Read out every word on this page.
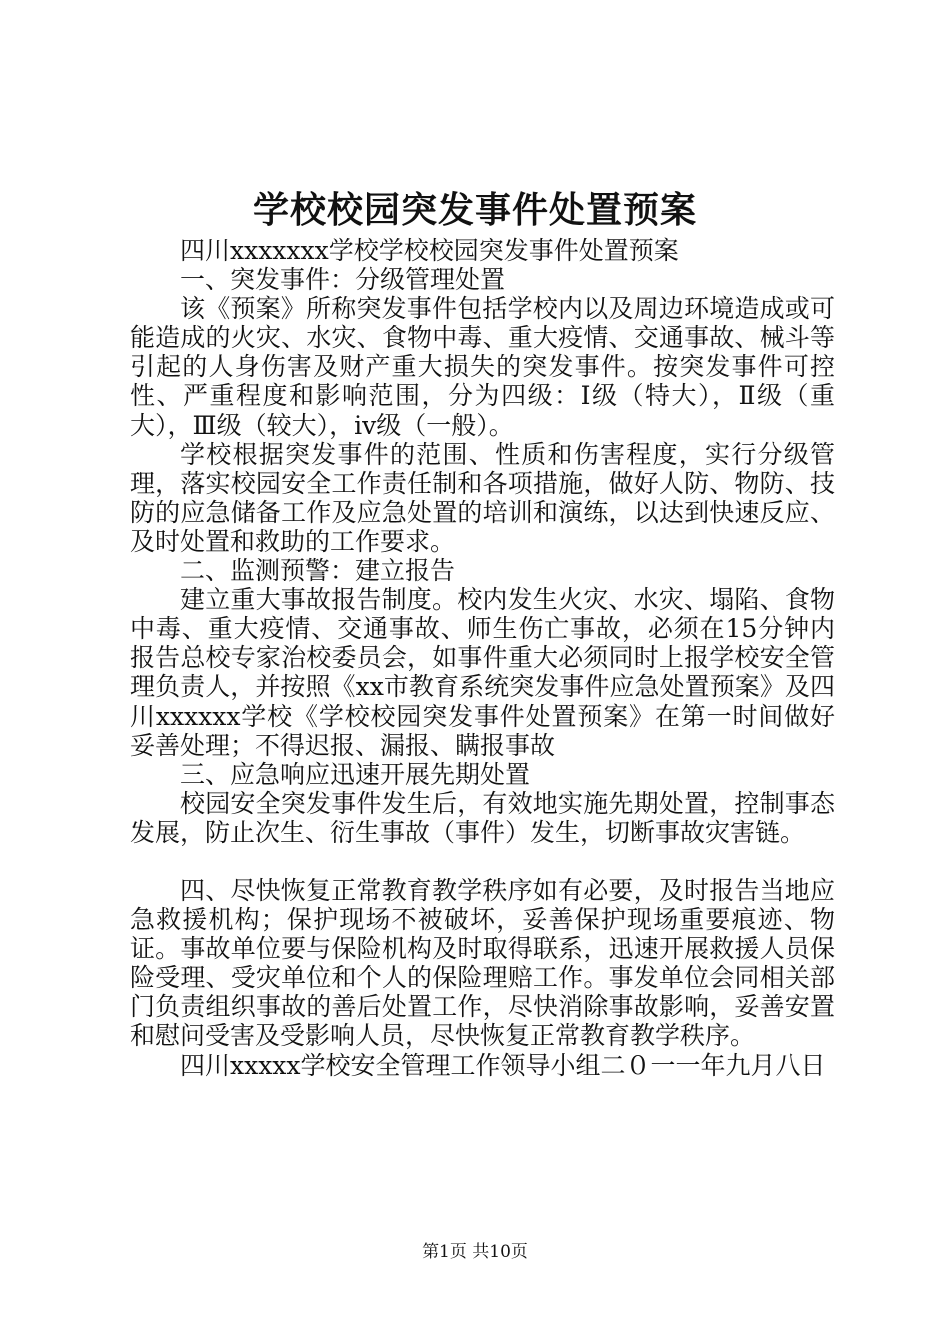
学校校园突发事件处置预案

四川xxxxxxx学校学校校园突发事件处置预案

一、突发事件：分级管理处置

该《预案》所称突发事件包括学校内以及周边环境造成或可能造成的火灾、水灾、食物中毒、重大疫情、交通事故、械斗等引起的人身伤害及财产重大损失的突发事件。按突发事件可控性、严重程度和影响范围，分为四级：Ⅰ级（特大），Ⅱ级（重大），Ⅲ级（较大），ⅳ级（一般）。

学校根据突发事件的范围、性质和伤害程度，实行分级管理，落实校园安全工作责任制和各项措施，做好人防、物防、技防的应急储备工作及应急处置的培训和演练，以达到快速反应、及时处置和救助的工作要求。

二、监测预警：建立报告

建立重大事故报告制度。校内发生火灾、水灾、塌陷、食物中毒、重大疫情、交通事故、师生伤亡事故，必须在15分钟内报告总校专家治校委员会，如事件重大必须同时上报学校安全管理负责人，并按照《xx市教育系统突发事件应急处置预案》及四川xxxxxx学校《学校校园突发事件处置预案》在第一时间做好妥善处理；不得迟报、漏报、瞒报事故

三、应急响应迅速开展先期处置

校园安全突发事件发生后，有效地实施先期处置，控制事态发展，防止次生、衍生事故（事件）发生，切断事故灾害链。

四、尽快恢复正常教育教学秩序如有必要，及时报告当地应急救援机构；保护现场不被破坏，妥善保护现场重要痕迹、物证。事故单位要与保险机构及时取得联系，迅速开展救援人员保险受理、受灾单位和个人的保险理赔工作。事发单位会同相关部门负责组织事故的善后处置工作，尽快消除事故影响，妥善安置和慰问受害及受影响人员，尽快恢复正常教育教学秩序。

四川xxxxx学校安全管理工作领导小组二０一一年九月八日

第1页 共10页
